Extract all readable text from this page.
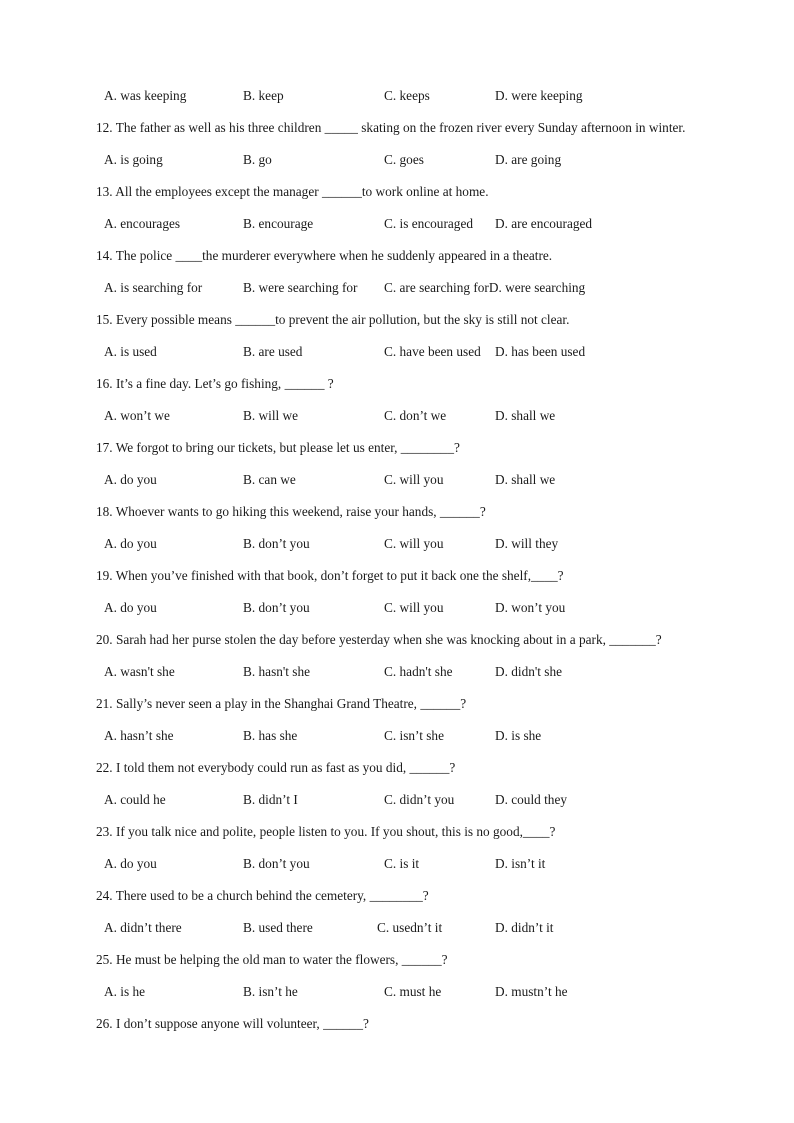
A. was keeping	B. keep	C. keeps	D. were keeping
12. The father as well as his three children _____ skating on the frozen river every Sunday afternoon in winter.
A. is going	B. go	C. goes	D. are going
13. All the employees except the manager ______to work online at home.
A. encourages	B. encourage	C. is encouraged D. are encouraged
14. The police ____the murderer everywhere when he suddenly appeared in a theatre.
A. is searching for	B. were searching for C. are searching forD. were searching
15. Every possible means ______to prevent the air pollution, but the sky is still not clear.
A. is used	B. are used	C. have been used D. has been used
16. It’s a fine day. Let’s go fishing, ______ ?
A. won’t we	B. will we	C. don’t we	D. shall we
17. We forgot to bring our tickets, but please let us enter, ________?
A. do you	B. can we	C. will you	D. shall we
18. Whoever wants to go hiking this weekend, raise your hands, ______?
A. do you	B. don’t you	C. will you	D. will they
19. When you’ve finished with that book, don’t forget to put it back one the shelf,____?
A. do you	B. don’t you	C. will you	D. won’t you
20. Sarah had her purse stolen the day before yesterday when she was knocking about in a park, _______?
A. wasn't she	B. hasn't she	C. hadn't she	D. didn't she
21. Sally’s never seen a play in the Shanghai Grand Theatre, ______?
A. hasn’t she	B. has she	C. isn’t she	D. is she
22. I told them not everybody could run as fast as you did, ______?
A. could he	B. didn’t I	C. didn’t you	D. could they
23. If you talk nice and polite, people listen to you. If you shout, this is no good,____?
A. do you	B. don’t you	C. is it	D. isn’t it
24. There used to be a church behind the cemetery, ________?
A. didn’t there	B. used there	C. usedn’t it	D. didn’t it
25. He must be helping the old man to water the flowers, ______?
A. is he	B. isn’t he	C. must he	D. mustn’t he
26. I don’t suppose anyone will volunteer, ______?
